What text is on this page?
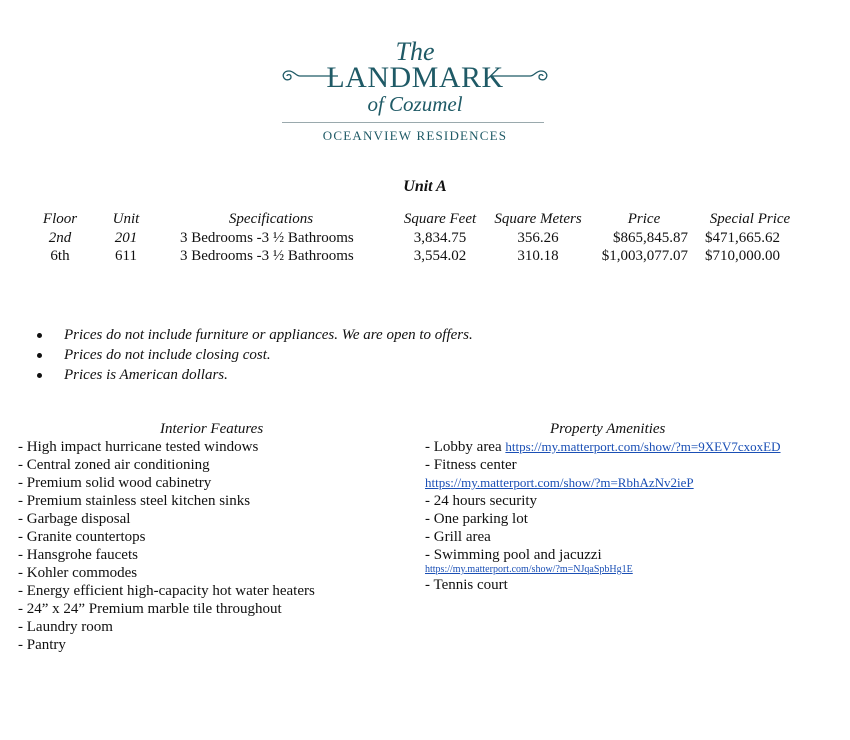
The
LANDMARK
of Cozumel
OCEANVIEW RESIDENCES
Unit A
Floor	Unit	Specifications	Square Feet	Square Meters	Price	Special Price
2nd	201	3 Bedrooms -3 ½ Bathrooms	3,834.75	356.26	$865,845.87 $471,665.62
6th	611	3 Bedrooms -3 ½ Bathrooms	3,554.02	310.18	$1,003,077.07 $710,000.00
Prices do not include furniture or appliances. We are open to offers.
Prices do not include closing cost.
Prices is American dollars.
Interior Features
- High impact hurricane tested windows
- Central zoned air conditioning
- Premium solid wood cabinetry
- Premium stainless steel kitchen sinks
- Garbage disposal
- Granite countertops
- Hansgrohe faucets
- Kohler commodes
- Energy efficient high-capacity hot water heaters
- 24” x 24” Premium marble tile throughout
- Laundry room
- Pantry
Property Amenities
- Lobby area https://my.matterport.com/show/?m=9XEV7cxoxED
- Fitness center
https://my.matterport.com/show/?m=RbhAzNv2ieP
- 24 hours security
- One parking lot
- Grill area
- Swimming pool and jacuzzi
https://my.matterport.com/show/?m=NJqaSpbHg1E
- Tennis court
